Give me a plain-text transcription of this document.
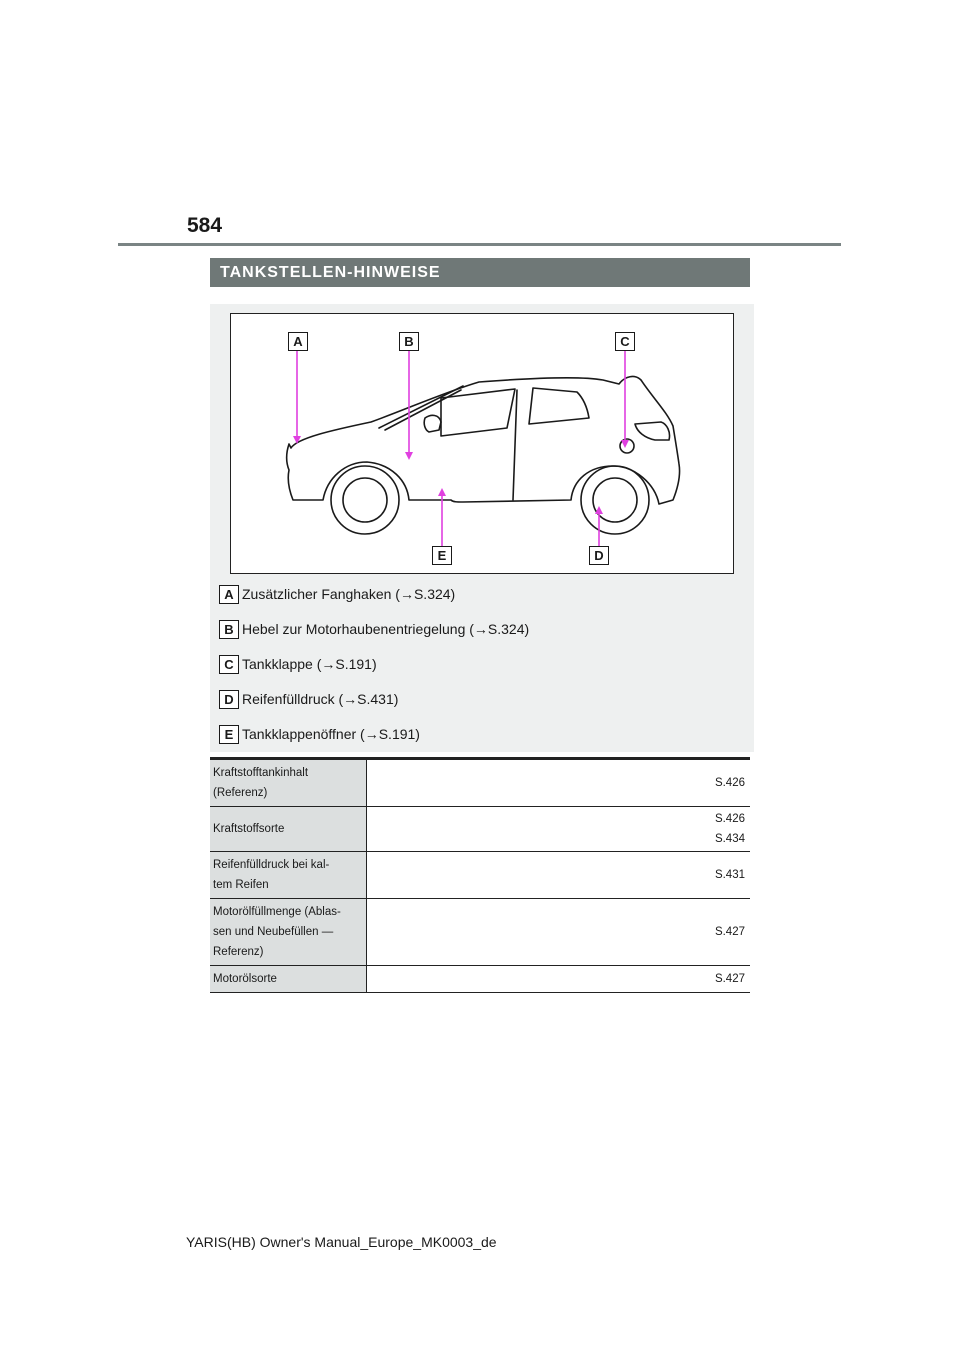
584
TANKSTELLEN-HINWEISE
A	B	C
D
E
A Zusätzlicher Fanghaken (→S.324)
B Hebel zur Motorhaubenentriegelung (→S.324)
C Tankklappe (→S.191)
D Reifenfülldruck (→S.431)
E Tankklappenöffner (→S.191)
Kraftstofftankinhalt
(Referenz)	S.426

Kraftstoffsorte	S.426
S.434

Reifenfülldruck bei kal-
tem Reifen	S.431

Motorölfüllmenge (Ablas-
sen und Neubefüllen —
Referenz)	S.427

Motorölsorte	S.427
YARIS(HB) Owner's Manual_Europe_MK0003_de
